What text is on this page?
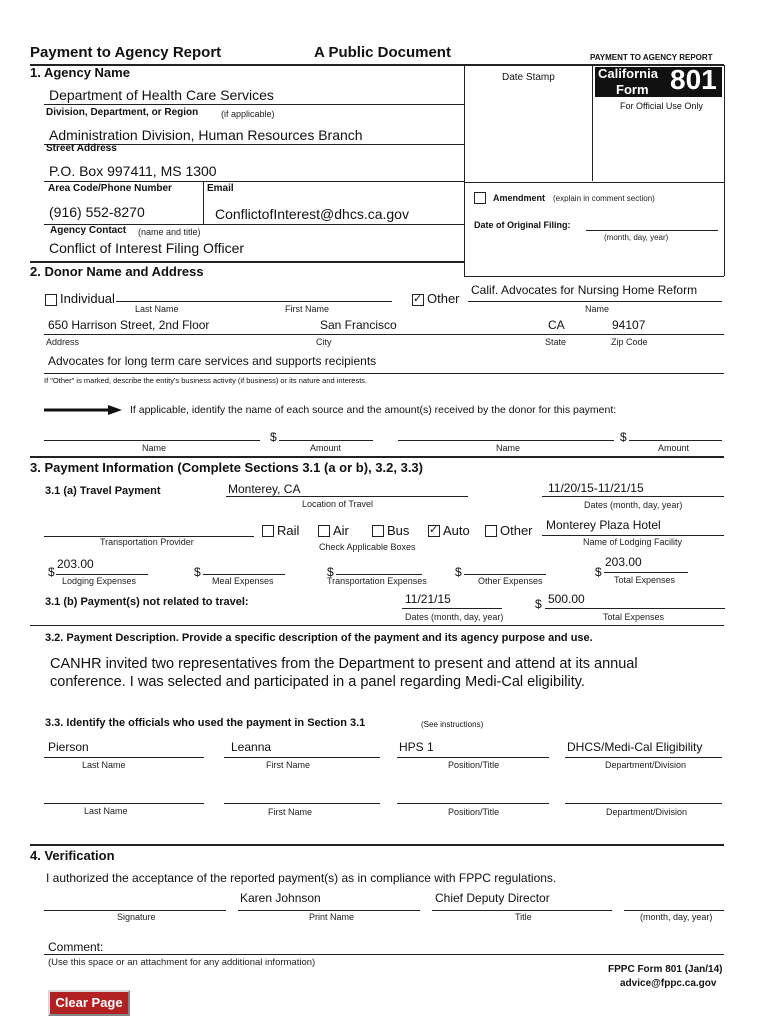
Payment to Agency Report	A Public Document	PAYMENT TO AGENCY REPORT
Date Stamp	California
Form 801
For Official Use Only
1. Agency Name
Department of Health Care Services
Division, Department, or Region	(if applicable)
Administration Division, Human Resources Branch
Street Address
P.O. Box 997411, MS 1300
Area Code/Phone Number	Email
(916) 552-8270	ConflictofInterest@dhcs.ca.gov
Agency Contact (name and title)
Conflict of Interest Filing Officer
Amendment (explain in comment section)
Date of Original Filing:
(month, day, year)
2. Donor Name and Address
Individual
Last Name	First Name
✓
Other
Calif. Advocates for Nursing Home Reform
Name
650 Harrison Street, 2nd Floor	San Francisco	CA	94107
Address	City	State	Zip Code
Advocates for long term care services and supports recipients
If "Other" is marked, describe the entity's business activity (if business) or its nature and interests.
If applicable, identify the name of each source and the amount(s) received by the donor for this payment:
Name
$
Amount	Name
$
Amount
3. Payment Information (Complete Sections 3.1 (a or b), 3.2, 3.3)
3.1 (a) Travel Payment	Monterey, CA
Location of Travel
11/20/15-11/21/15
Dates (month, day, year)
Transportation Provider
Rail	Air	Bus
✓	Auto Other
Check Applicable Boxes
Monterey Plaza Hotel
Name of Lodging Facility
$
203.00
Lodging Expenses
$
Meal Expenses
$
Transportation Expenses
$
Other Expenses
$
203.00
Total Expenses
3.1 (b) Payment(s) not related to travel:	11/21/15
Dates (month, day, year)
$ 500.00
Total Expenses
3.2. Payment Description. Provide a specific description of the payment and its agency purpose and use.
CANHR invited two representatives from the Department to present and attend at its annual
conference. I was selected and participated in a panel regarding Medi-Cal eligibility.
3.3. Identify the officials who used the payment in Section 3.1	(See instructions)
Pierson	Leanna	HPS 1	DHCS/Medi-Cal Eligibility
Last Name	First Name	Position/Title	Department/Division
Last Name	First Name	Position/Title	Department/Division
4. Verification
I authorized the acceptance of the reported payment(s) as in compliance with FPPC regulations.
Karen Johnson	Chief Deputy Director
Signature	Print Name	Title	(month, day, year)
Comment:
(Use this space or an attachment for any additional information)
FPPC Form 801 (Jan/14)
advice@fppc.ca.gov
Clear Page
